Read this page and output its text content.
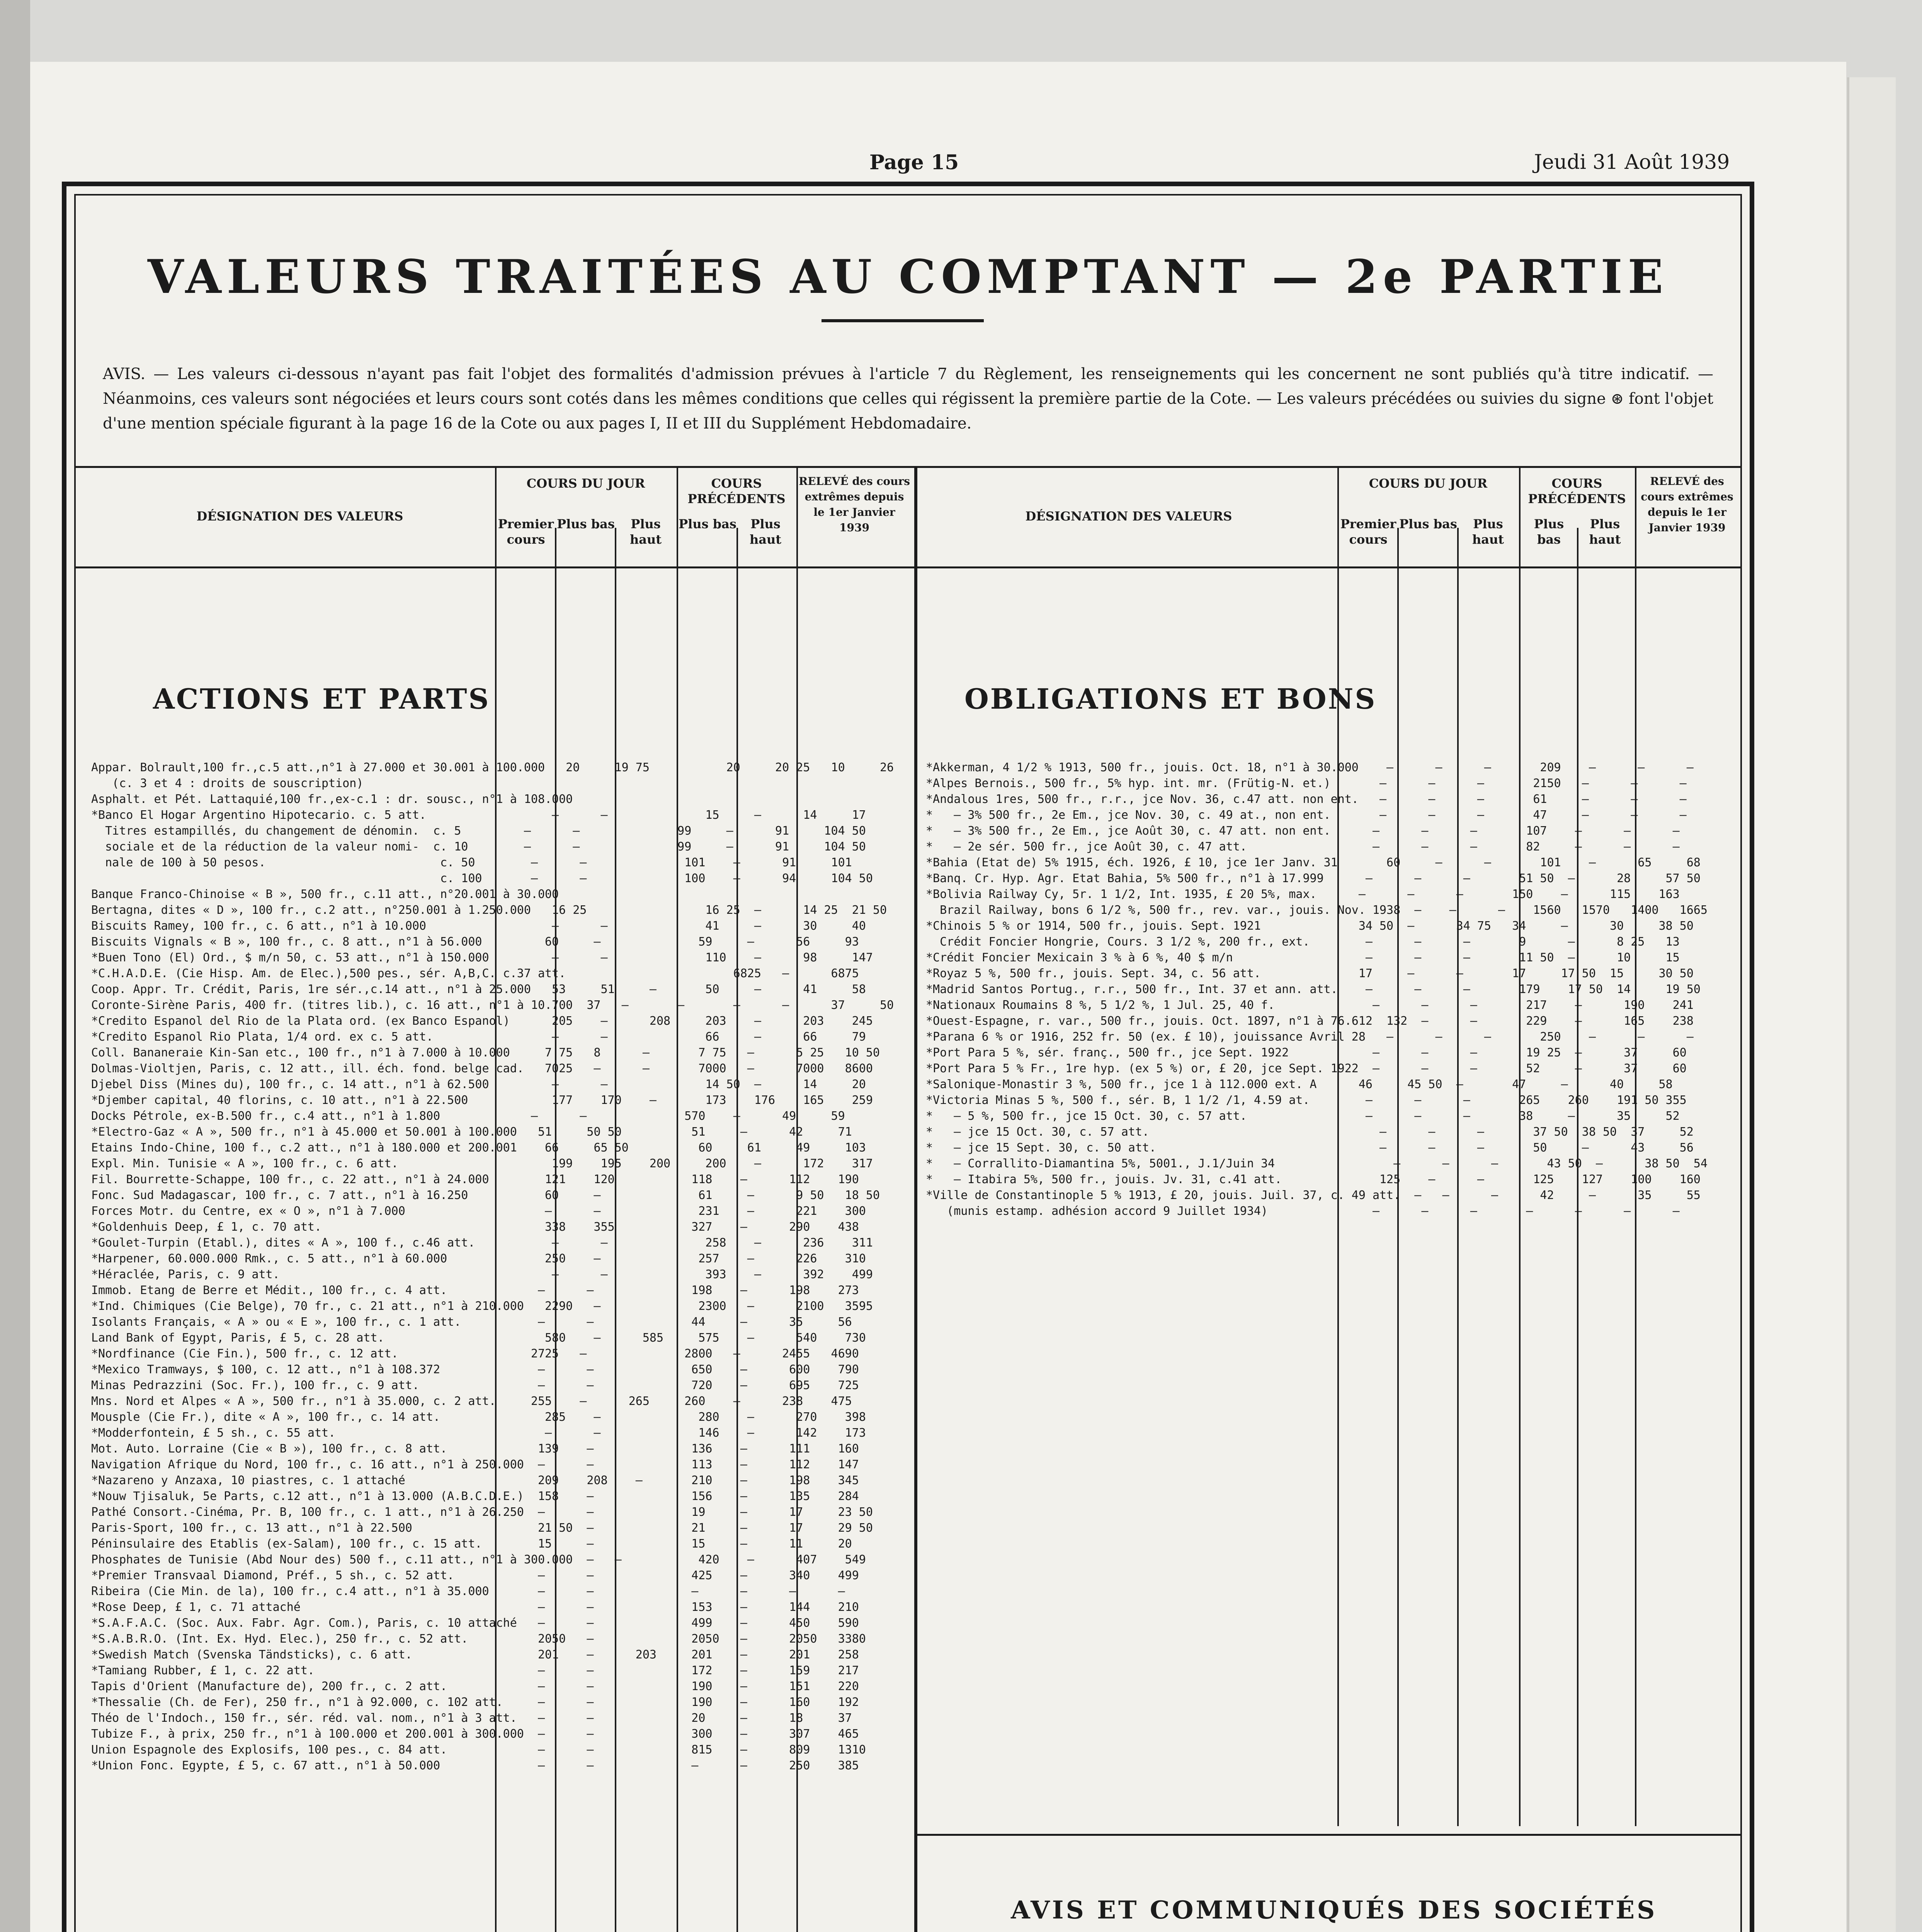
Page 15	Jeudi 31 Août 1939
VALEURS TRAITÉES AU COMPTANT — 2e PARTIE
AVIS. — Les valeurs ci-dessous n'ayant pas fait l'objet des formalités d'admission prévues à l'article 7 du Règlement, les renseignements qui les concernent ne sont publiés qu'à titre indicatif. — Néanmoins, ces valeurs sont négociées et leurs cours sont cotés dans les mêmes conditions que celles qui régissent la première partie de la Cote. — Les valeurs précédées ou suivies du signe ⊛ font l'objet d'une mention spéciale figurant à la page 16 de la Cote ou aux pages I, II et III du Supplément Hebdomadaire.
DÉSIGNATION DES VALEURS
COURS DU JOUR
Premier cours
Plus bas	Plus haut
COURS PRÉCÉDENTS
Plus bas	Plus haut
RELEVÉ des cours extrêmes depuis le 1er Janvier 1939
DÉSIGNATION DES VALEURS
COURS DU JOUR
Premier cours
Plus bas	Plus haut
COURS PRÉCÉDENTS
Plus bas
Plus haut
RELEVÉ des cours extrêmes depuis le 1er Janvier 1939
ACTIONS ET PARTS
Appar. Bolrault,100 fr.,c.5 att.,n°1 à 27.000 et 30.001 à 100.000   20     19 75           20     20 25   10     26
(c. 3 et 4 : droits de souscription)
Asphalt. et Pét. Lattaquié,100 fr.,ex-c.1 : dr. sousc., n°1 à 108.000
*Banco El Hogar Argentino Hipotecario. c. 5 att.                  —      —              15     —      14     17
Titres estampillés, du changement de dénomin.  c. 5         —      —              99     —      91     104 50
sociale et de la réduction de la valeur nomi-  c. 10        —      —              99     —      91     104 50
nale de 100 à 50 pesos.                         c. 50        —      —              101    —      91     101
c. 100       —      —              100    —      94     104 50
Banque Franco-Chinoise « B », 500 fr., c.11 att., n°20.001 à 30.000
Bertagna, dites « D », 100 fr., c.2 att., n°250.001 à 1.250.000   16 25                 16 25  —      14 25  21 50
Biscuits Ramey, 100 fr., c. 6 att., n°1 à 10.000                  —      —              41     —      30     40
Biscuits Vignals « B », 100 fr., c. 8 att., n°1 à 56.000         60     —              59     —      56     93
*Buen Tono (El) Ord., $ m/n 50, c. 53 att., n°1 à 150.000         —      —              110    —      98     147
*C.H.A.D.E. (Cie Hisp. Am. de Elec.),500 pes., sér. A,B,C. c.37 att.                        6825   —      6875
Coop. Appr. Tr. Crédit, Paris, 1re sér.,c.14 att., n°1 à 25.000   53     51     —       50     —      41     58
Coronte-Sirène Paris, 400 fr. (titres lib.), c. 16 att., n°1 à 10.700  37   —       —       —      —      37     50
*Credito Espanol del Rio de la Plata ord. (ex Banco Espanol)      205    —      208     203    —      203    245
*Credito Espanol Rio Plata, 1/4 ord. ex c. 5 att.                 —      —              66     —      66     79
Coll. Bananeraie Kin-San etc., 100 fr., n°1 à 7.000 à 10.000     7 75   8      —       7 75   —      5 25   10 50
Dolmas-Violtjen, Paris, c. 12 att., ill. éch. fond. belge cad.   7025   —      —       7000   —      7000   8600
Djebel Diss (Mines du), 100 fr., c. 14 att., n°1 à 62.500         —      —              14 50  —      14     20
*Djember capital, 40 florins, c. 10 att., n°1 à 22.500            177    170    —       173    176    165    259
Docks Pétrole, ex-B.500 fr., c.4 att., n°1 à 1.800             —      —              570    —      49     59
*Electro-Gaz « A », 500 fr., n°1 à 45.000 et 50.001 à 100.000   51     50 50          51     —      42     71
Etains Indo-Chine, 100 f., c.2 att., n°1 à 180.000 et 200.001    66     65 50          60     61     49     103
Expl. Min. Tunisie « A », 100 fr., c. 6 att.                      199    195    200     200    —      172    317
Fil. Bourrette-Schappe, 100 fr., c. 22 att., n°1 à 24.000        121    120           118    —      112    190
Fonc. Sud Madagascar, 100 fr., c. 7 att., n°1 à 16.250           60     —              61     —      9 50   18 50
Forces Motr. du Centre, ex « O », n°1 à 7.000                    —      —              231    —      221    300
*Goldenhuis Deep, £ 1, c. 70 att.                                338    355           327    —      290    438
*Goulet-Turpin (Etabl.), dites « A », 100 f., c.46 att.           —      —              258    —      236    311
*Harpener, 60.000.000 Rmk., c. 5 att., n°1 à 60.000              250    —              257    —      226    310
*Héraclée, Paris, c. 9 att.                                       —      —              393    —      392    499
Immob. Etang de Berre et Médit., 100 fr., c. 4 att.             —      —              198    —      198    273
*Ind. Chimiques (Cie Belge), 70 fr., c. 21 att., n°1 à 210.000   2290   —              2300   —      2100   3595
Isolants Français, « A » ou « E », 100 fr., c. 1 att.           —      —              44     —      35     56
Land Bank of Egypt, Paris, £ 5, c. 28 att.                       580    —      585     575    —      540    730
*Nordfinance (Cie Fin.), 500 fr., c. 12 att.                   2725   —              2800   —      2455   4690
*Mexico Tramways, $ 100, c. 12 att., n°1 à 108.372              —      —              650    —      600    790
Minas Pedrazzini (Soc. Fr.), 100 fr., c. 9 att.                 —      —              720    —      695    725
Mns. Nord et Alpes « A », 500 fr., n°1 à 35.000, c. 2 att.     255    —      265     260    —      238    475
Mousple (Cie Fr.), dite « A », 100 fr., c. 14 att.               285    —              280    —      270    398
*Modderfontein, £ 5 sh., c. 55 att.                              —      —              146    —      142    173
Mot. Auto. Lorraine (Cie « B »), 100 fr., c. 8 att.             139    —              136    —      111    160
Navigation Afrique du Nord, 100 fr., c. 16 att., n°1 à 250.000  —      —              113    —      112    147
*Nazareno y Anzaxa, 10 piastres, c. 1 attaché                   209    208    —       210    —      198    345
*Nouw Tjisaluk, 5e Parts, c.12 att., n°1 à 13.000 (A.B.C.D.E.)  158    —              156    —      135    284
Pathé Consort.-Cinéma, Pr. B, 100 fr., c. 1 att., n°1 à 26.250  —      —              19     —      17     23 50
Paris-Sport, 100 fr., c. 13 att., n°1 à 22.500                  21 50  —              21     —      17     29 50
Péninsulaire des Etablis (ex-Salam), 100 fr., c. 15 att.        15     —              15     —      11     20
Phosphates de Tunisie (Abd Nour des) 500 f., c.11 att., n°1 à 300.000  —   —           420    —      407    549
*Premier Transvaal Diamond, Préf., 5 sh., c. 52 att.            —      —              425    —      340    499
Ribeira (Cie Min. de la), 100 fr., c.4 att., n°1 à 35.000       —      —              —      —      —      —
*Rose Deep, £ 1, c. 71 attaché                                  —      —              153    —      144    210
*S.A.F.A.C. (Soc. Aux. Fabr. Agr. Com.), Paris, c. 10 attaché   —      —              499    —      450    590
*S.A.B.R.O. (Int. Ex. Hyd. Elec.), 250 fr., c. 52 att.          2050   —              2050   —      2050   3380
*Swedish Match (Svenska Tändsticks), c. 6 att.                  201    —      203     201    —      201    258
*Tamiang Rubber, £ 1, c. 22 att.                                —      —              172    —      159    217
Tapis d'Orient (Manufacture de), 200 fr., c. 2 att.             —      —              190    —      151    220
*Thessalie (Ch. de Fer), 250 fr., n°1 à 92.000, c. 102 att.     —      —              190    —      160    192
Théo de l'Indoch., 150 fr., sér. réd. val. nom., n°1 à 3 att.   —      —              20     —      18     37
Tubize F., à prix, 250 fr., n°1 à 100.000 et 200.001 à 300.000  —      —              300    —      307    465
Union Espagnole des Explosifs, 100 pes., c. 84 att.             —      —              815    —      809    1310
*Union Fonc. Egypte, £ 5, c. 67 att., n°1 à 50.000              —      —              —      —      250    385
OBLIGATIONS ET BONS
*Akkerman, 4 1/2 % 1913, 500 fr., jouis. Oct. 18, n°1 à 30.000    —      —      —       209    —      —      —
*Alpes Bernois., 500 fr., 5% hyp. int. mr. (Frütig-N. et.)       —      —      —       2150   —      —      —
*Andalous 1res, 500 fr., r.r., jce Nov. 36, c.47 att. non ent.   —      —      —       61     —      —      —
*   — 3% 500 fr., 2e Em., jce Nov. 30, c. 49 at., non ent.       —      —      —       47     —      —      —
*   — 3% 500 fr., 2e Em., jce Août 30, c. 47 att. non ent.      —      —      —       107    —      —      —
*   — 2e sér. 500 fr., jce Août 30, c. 47 att.                  —      —      —       82     —      —      —
*Bahia (Etat de) 5% 1915, éch. 1926, £ 10, jce 1er Janv. 31       60     —      —       101    —      65     68
*Banq. Cr. Hyp. Agr. Etat Bahia, 5% 500 fr., n°1 à 17.999      —      —      —       51 50  —      28     57 50
*Bolivia Railway Cy, 5r. 1 1/2, Int. 1935, £ 20 5%, max.      —      —      —       150    —      115    163
Brazil Railway, bons 6 1/2 %, 500 fr., rev. var., jouis. Nov. 1938  —    —      —    1560   1570   1400   1665
*Chinois 5 % or 1914, 500 fr., jouis. Sept. 1921              34 50  —      34 75   34     —      30     38 50
Crédit Foncier Hongrie, Cours. 3 1/2 %, 200 fr., ext.        —      —      —       9      —      8 25   13
*Crédit Foncier Mexicain 3 % à 6 %, 40 $ m/n                   —      —      —       11 50  —      10     15
*Royaz 5 %, 500 fr., jouis. Sept. 34, c. 56 att.              17     —      —       17     17 50  15     30 50
*Madrid Santos Portug., r.r., 500 fr., Int. 37 et ann. att.    —      —      —       179    17 50  14     19 50
*Nationaux Roumains 8 %, 5 1/2 %, 1 Jul. 25, 40 f.              —      —      —       217    —      190    241
*Ouest-Espagne, r. var., 500 fr., jouis. Oct. 1897, n°1 à 76.612  132  —      —       229    —      165    238
*Parana 6 % or 1916, 252 fr. 50 (ex. £ 10), jouissance Avril 28   —      —      —       250    —      —      —
*Port Para 5 %, sér. franç., 500 fr., jce Sept. 1922            —      —      —       19 25  —      37     60
*Port Para 5 % Fr., 1re hyp. (ex 5 %) or, £ 20, jce Sept. 1922  —      —      —       52     —      37     60
*Salonique-Monastir 3 %, 500 fr., jce 1 à 112.000 ext. A      46     45 50  —       47     —      40     58
*Victoria Minas 5 %, 500 f., sér. B, 1 1/2 /1, 4.59 at.        —      —      —       265    260    191 50 355
*   — 5 %, 500 fr., jce 15 Oct. 30, c. 57 att.                 —      —      —       38     —      35     52
*   — jce 15 Oct. 30, c. 57 att.                                 —      —      —       37 50  38 50  37     52
*   — jce 15 Sept. 30, c. 50 att.                                —      —      —       50     —      43     56
*   — Corrallito-Diamantina 5%, 5001., J.1/Juin 34                 —      —      —       43 50  —      38 50  54
*   — Itabira 5%, 500 fr., jouis. Jv. 31, c.41 att.              125    —      —       125    127    100    160
*Ville de Constantinople 5 % 1913, £ 20, jouis. Juil. 37, c. 49 att.  —   —      —      42     —      35     55
(munis estamp. adhésion accord 9 Juillet 1934)               —      —      —       —      —      —      —
AVIS ET COMMUNIQUÉS DES SOCIÉTÉS
